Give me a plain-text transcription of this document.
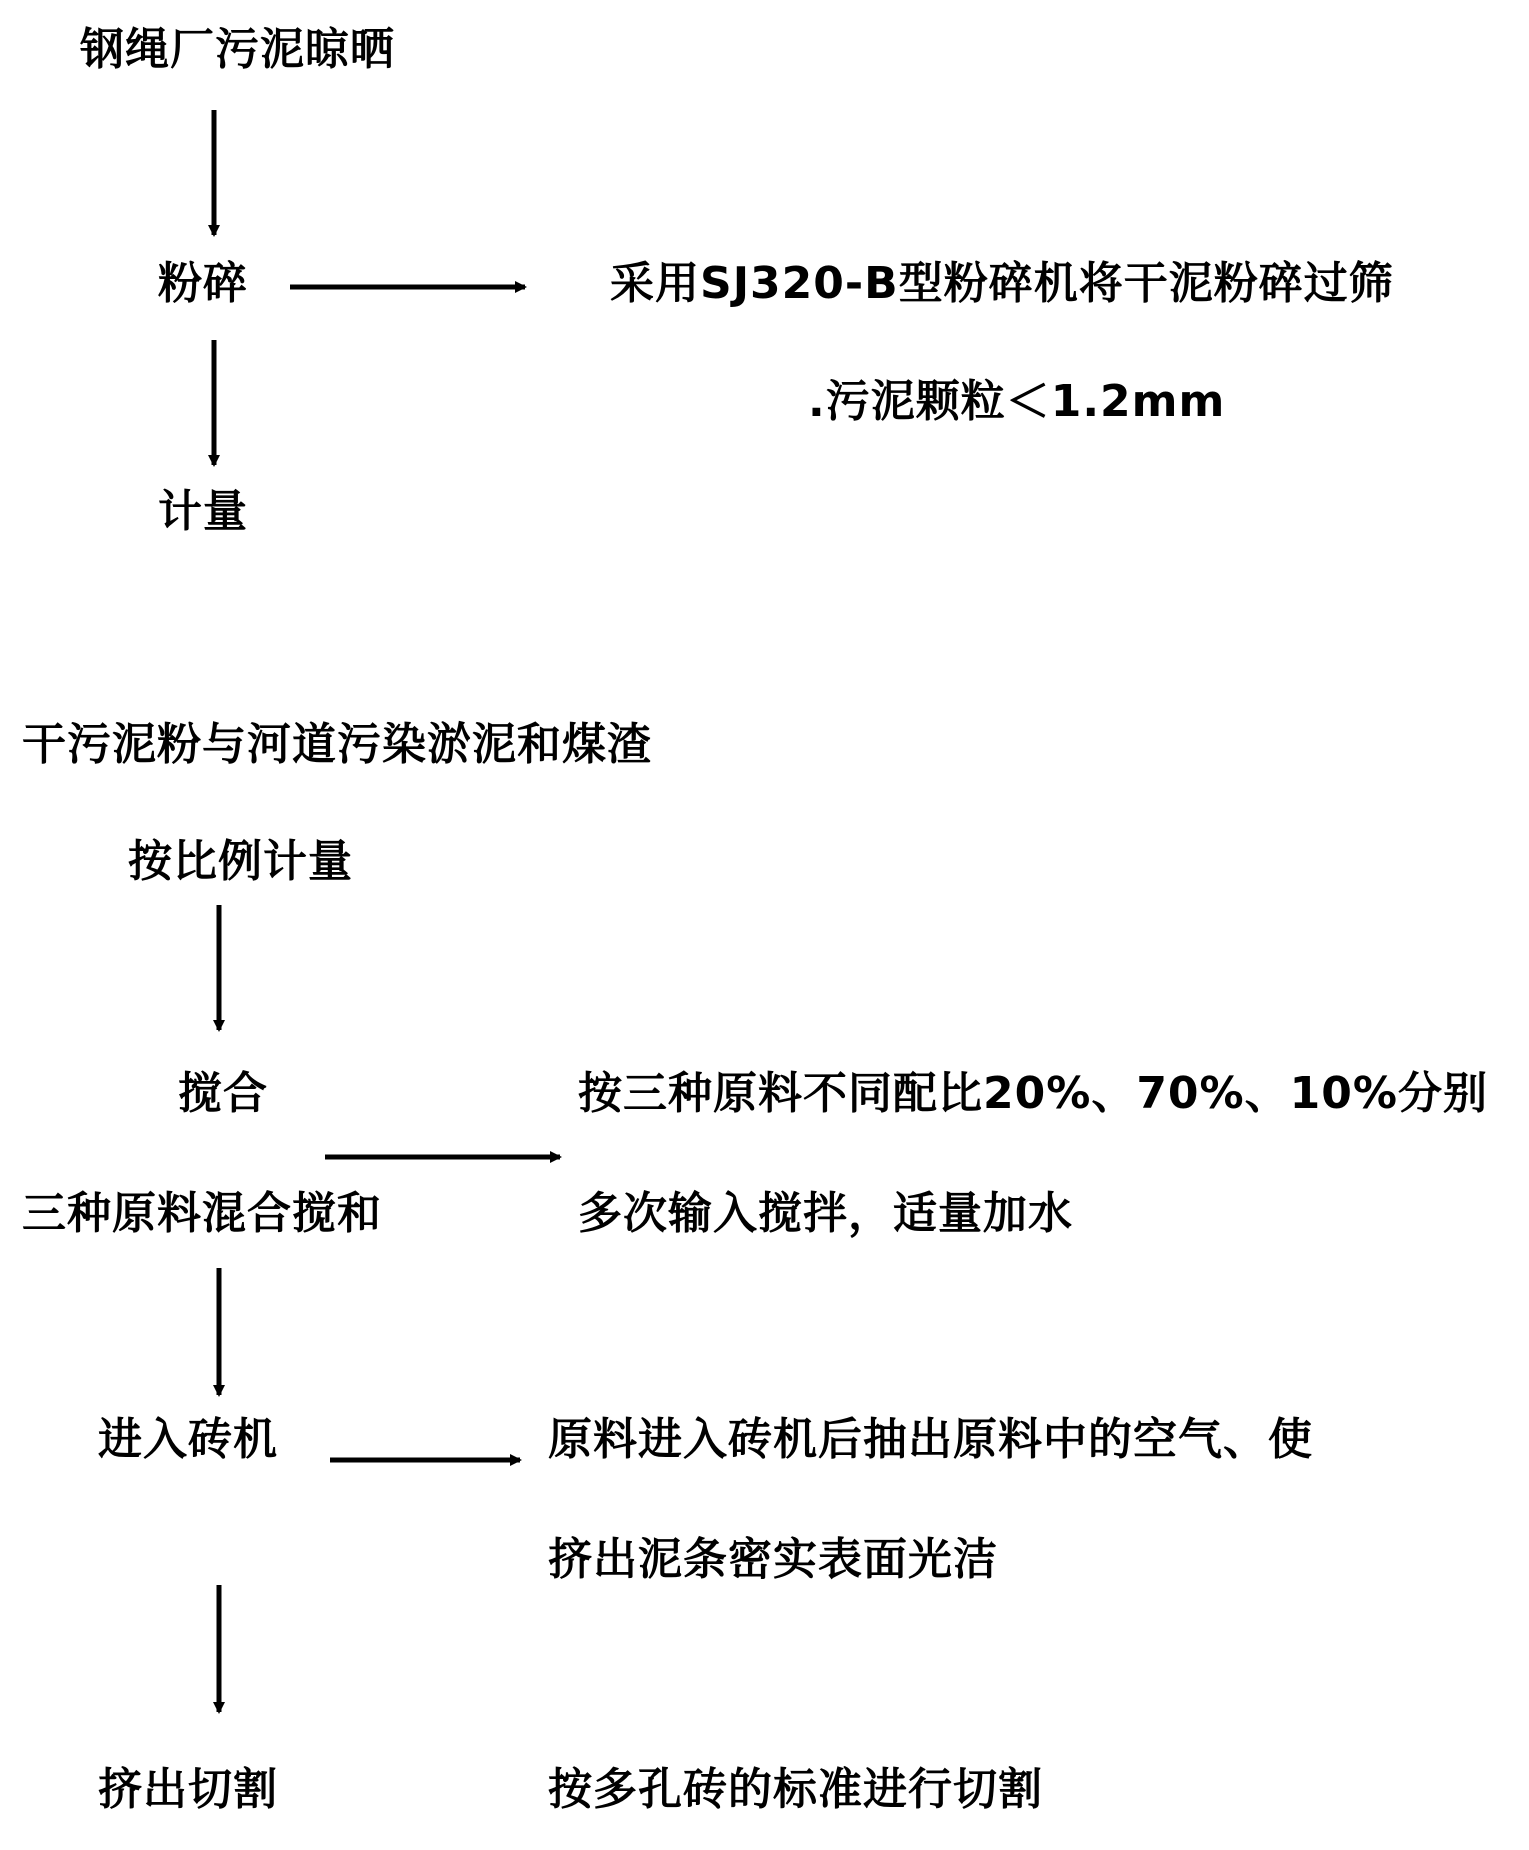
钢绳厂污泥晾晒
粉碎	采用SJ320-B型粉碎机将干泥粉碎过筛
.污泥颗粒＜1.2mm
计量
干污泥粉与河道污染淤泥和煤渣
按比例计量
搅合	按三种原料不同配比20%、70%、10%分别
三种原料混合搅和	多次输入搅拌，适量加水
进入砖机	原料进入砖机后抽出原料中的空气、使
挤出泥条密实表面光洁
挤出切割	按多孔砖的标准进行切割
